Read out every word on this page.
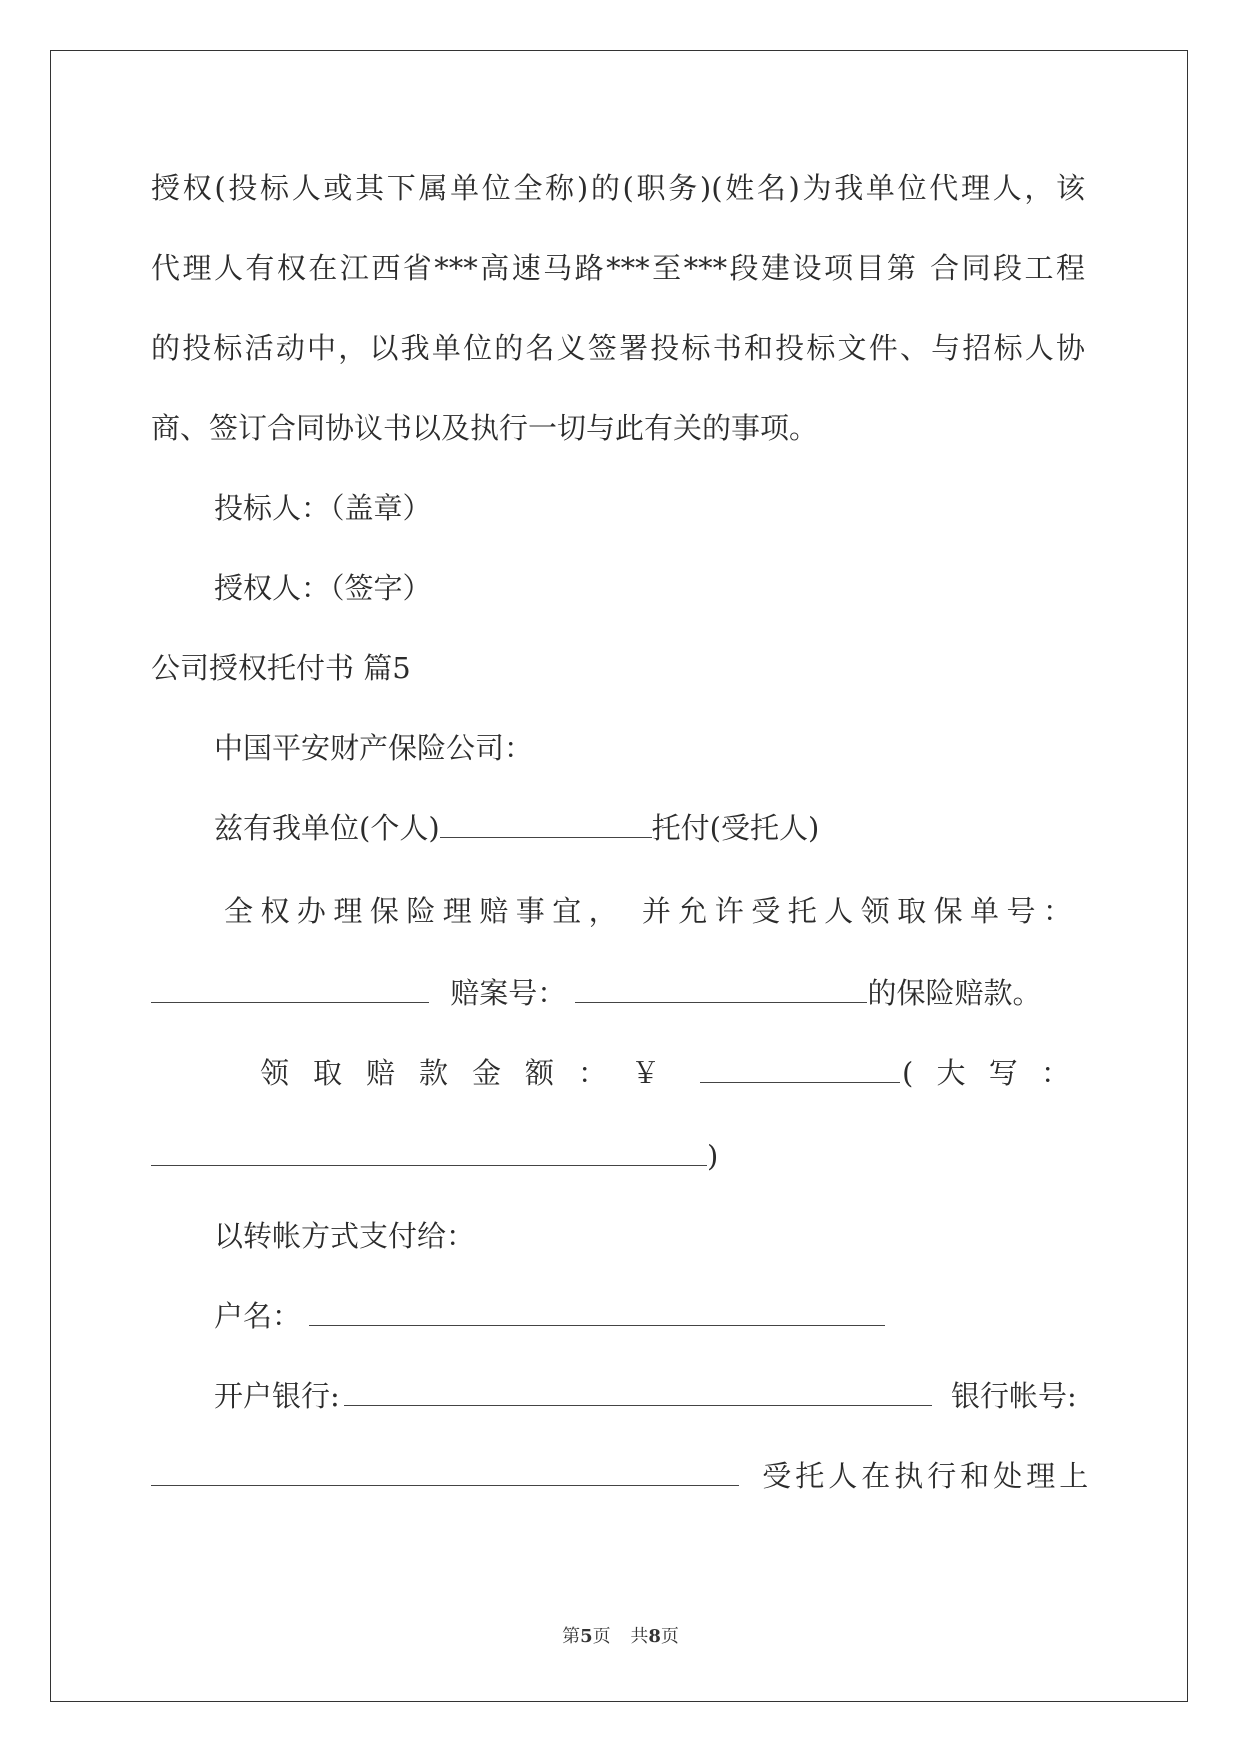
授权(投标人或其下属单位全称)的(职务)(姓名)为我单位代理人，该
代理人有权在江西省***高速马路***至***段建设项目第 合同段工程
的投标活动中，以我单位的名义签署投标书和投标文件、与招标人协
商、签订合同协议书以及执行一切与此有关的事项。
投标人：（盖章）
授权人：（签字）
公司授权托付书 篇5
中国平安财产保险公司：
兹有我单位(个人)	托付(受托人)
全权办理保险理赔事宜， 并允许受托人领取保单号：
赔案号：	的保险赔款。
领取赔款金额：￥	(大写：
)
以转帐方式支付给：
户名：
开户银行:	银行帐号:
受托人在执行和处理上
第5页 共8页
